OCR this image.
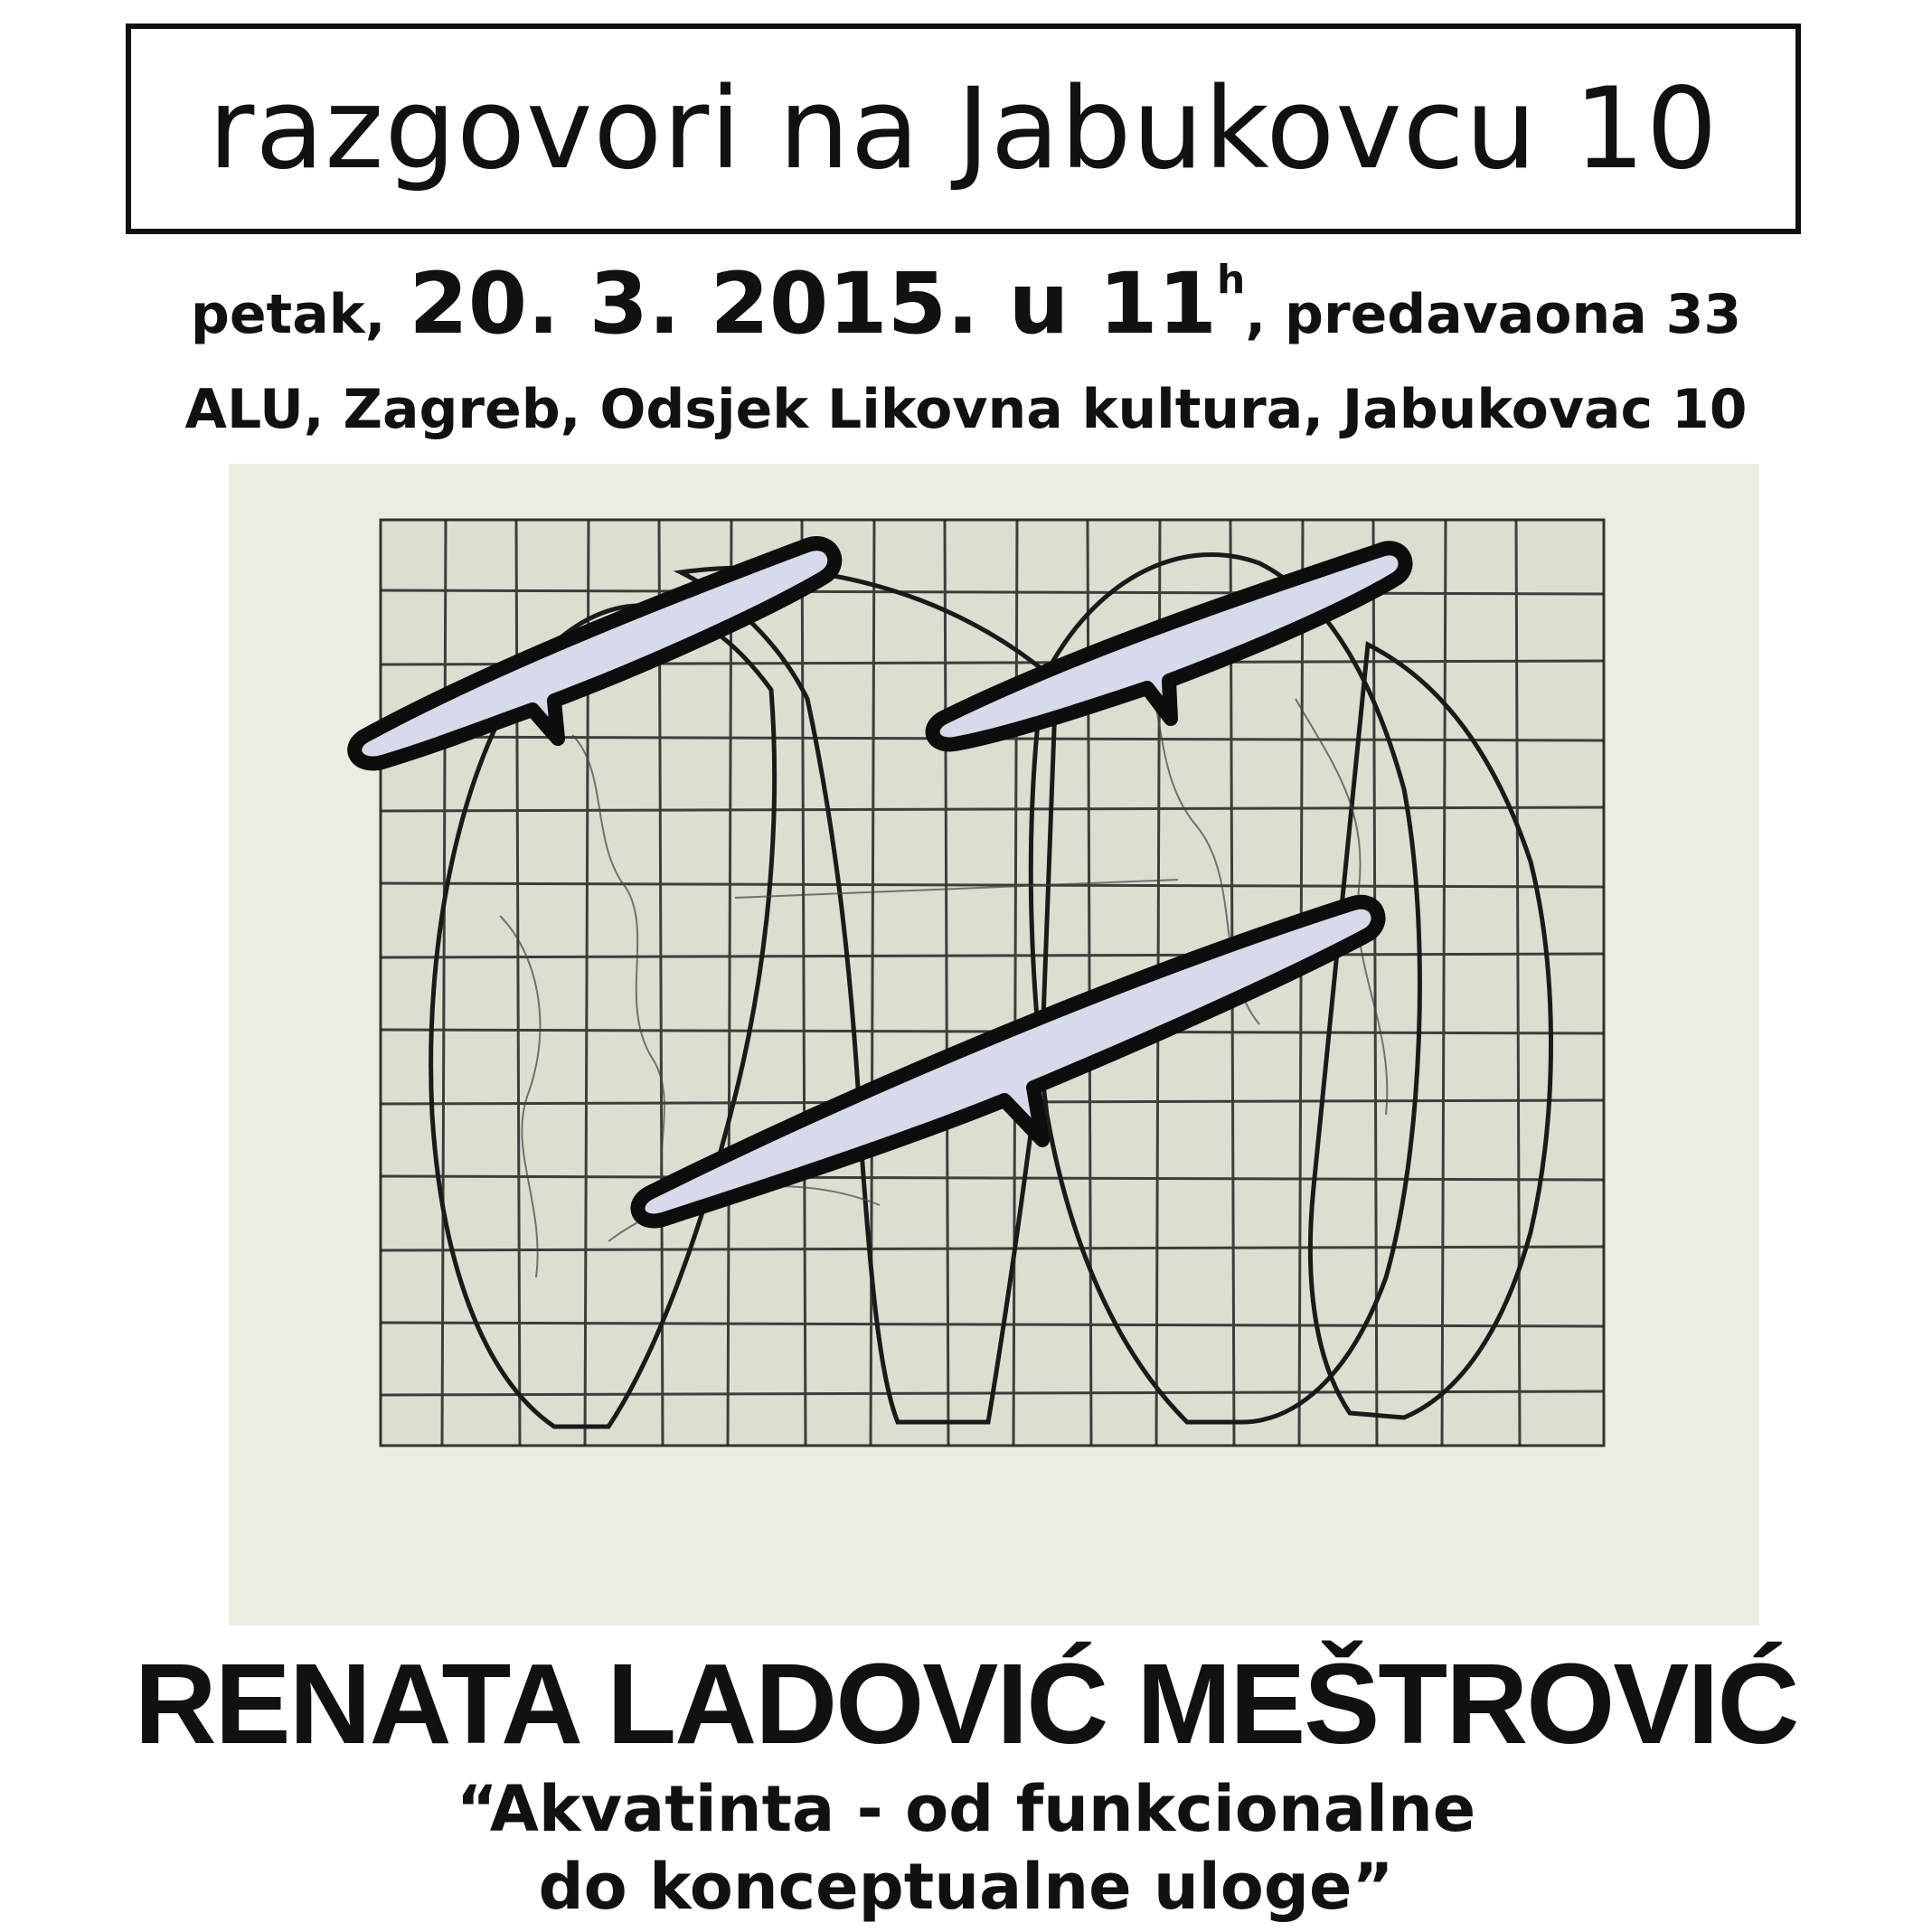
razgovori na Jabukovcu 10
petak, 20. 3. 2015. u 11 h
, predavaona 33
ALU, Zagreb, Odsjek Likovna kultura, Jabukovac 10
RENATA LADOVIĆ MEŠTROVIĆ
“Akvatinta - od funkcionalne
do konceptualne uloge”
